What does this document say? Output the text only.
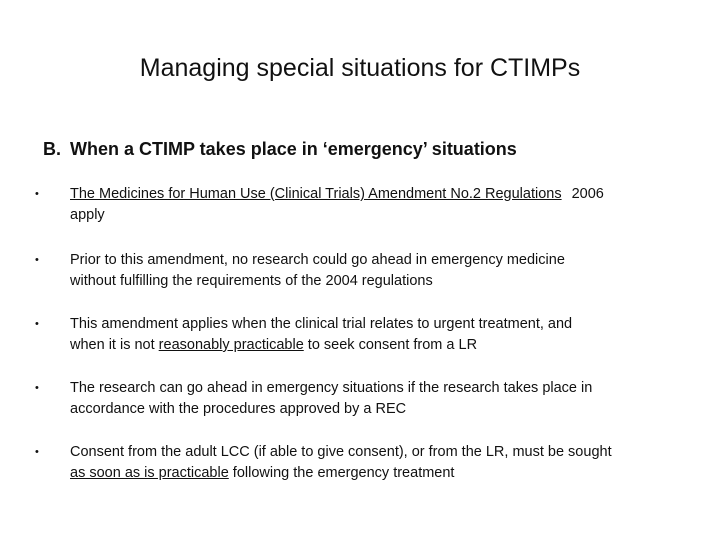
Managing special situations for CTIMPs
B. When a CTIMP takes place in ‘emergency’ situations
•	The Medicines for Human Use (Clinical Trials) Amendment No.2 Regulations 2006
apply
•	Prior to this amendment, no research could go ahead in emergency medicine
without fulfilling the requirements of the 2004 regulations
•	This amendment applies when the clinical trial relates to urgent treatment, and
when it is not reasonably practicable to seek consent from a LR
•	The research can go ahead in emergency situations if the research takes place in
accordance with the procedures approved by a REC
•	Consent from the adult LCC (if able to give consent), or from the LR, must be sought
as soon as is practicable following the emergency treatment
